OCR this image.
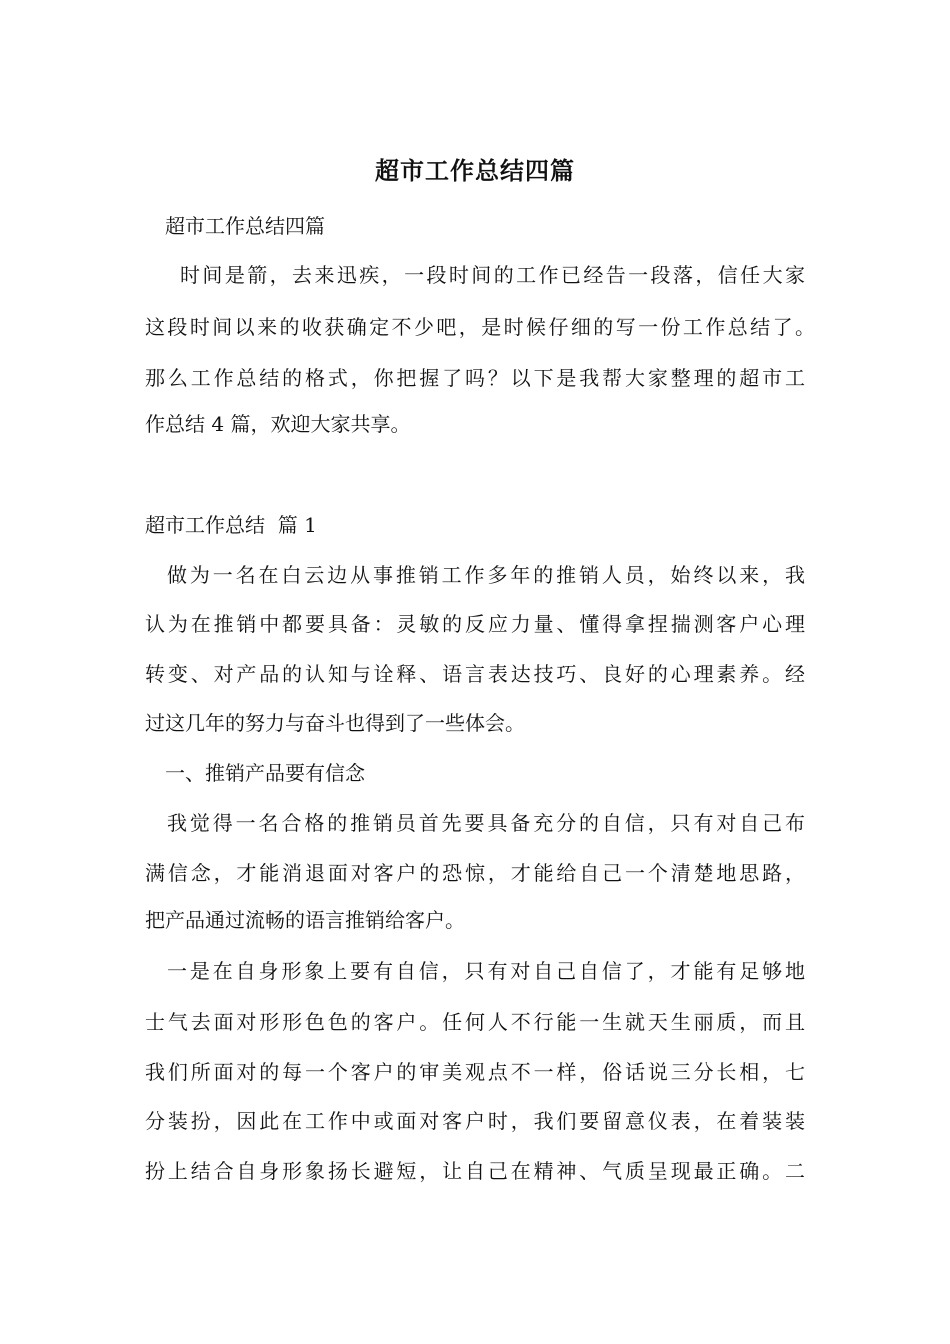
超市工作总结四篇
超市工作总结四篇
时间是箭，去来迅疾，一段时间的工作已经告一段落，信任大家
这段时间以来的收获确定不少吧，是时候仔细的写一份工作总结了。
那么工作总结的格式，你把握了吗？以下是我帮大家整理的超市工
作总结 4 篇，欢迎大家共享。
超市工作总结  篇 1
做为一名在白云边从事推销工作多年的推销人员，始终以来，我
认为在推销中都要具备：灵敏的反应力量、懂得拿捏揣测客户心理
转变、对产品的认知与诠释、语言表达技巧、良好的心理素养。经
过这几年的努力与奋斗也得到了一些体会。
一、推销产品要有信念
我觉得一名合格的推销员首先要具备充分的自信，只有对自己布
满信念，才能消退面对客户的恐惊，才能给自己一个清楚地思路，
把产品通过流畅的语言推销给客户。
一是在自身形象上要有自信，只有对自己自信了，才能有足够地
士气去面对形形色色的客户。任何人不行能一生就天生丽质，而且
我们所面对的每一个客户的审美观点不一样，俗话说三分长相，七
分装扮，因此在工作中或面对客户时，我们要留意仪表，在着装装
扮上结合自身形象扬长避短，让自己在精神、气质呈现最正确。二
